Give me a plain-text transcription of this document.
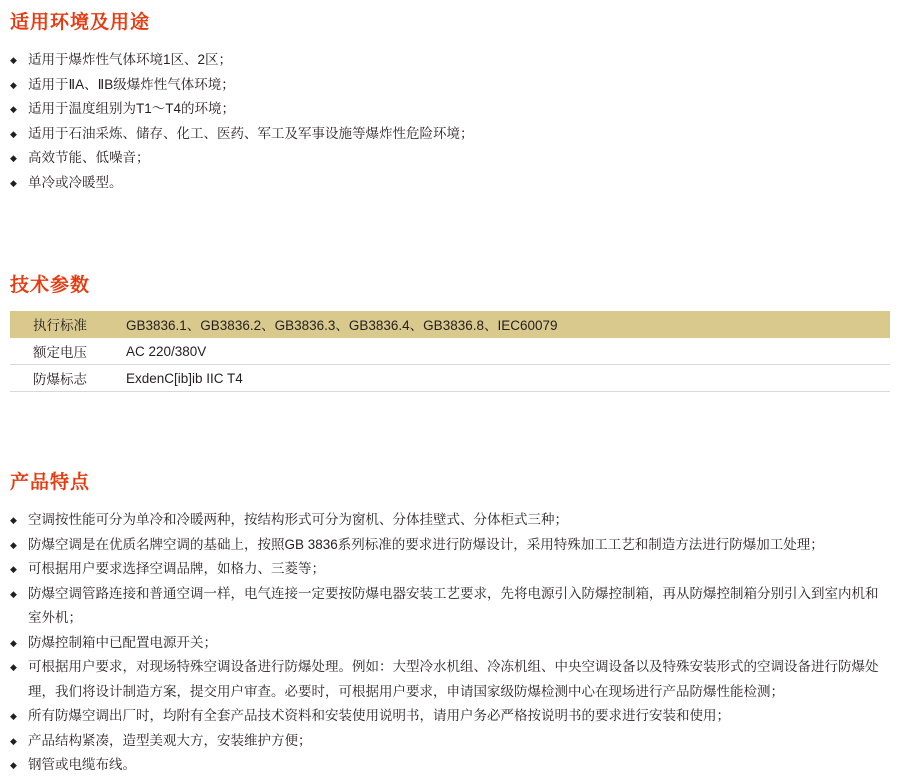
适用环境及用途
◆ 适用于爆炸性气体环境1区、2区；
◆ 适用于ⅡA、ⅡB级爆炸性气体环境；
◆ 适用于温度组别为T1～T4的环境；
◆ 适用于石油采炼、储存、化工、医药、军工及军事设施等爆炸性危险环境；
◆ 高效节能、低噪音；
◆ 单冷或冷暖型。
技术参数
执行标准	GB3836.1、GB3836.2、GB3836.3、GB3836.4、GB3836.8、IEC60079
额定电压	AC 220/380V
防爆标志	ExdenC[ib]ib IIC T4
产品特点
◆ 空调按性能可分为单冷和冷暖两种，按结构形式可分为窗机、分体挂壁式、分体柜式三种；
◆ 防爆空调是在优质名牌空调的基础上，按照GB 3836系列标准的要求进行防爆设计，采用特殊加工工艺和制造方法进行防爆加工处理；
◆ 可根据用户要求选择空调品牌，如格力、三菱等；
◆ 防爆空调管路连接和普通空调一样，电气连接一定要按防爆电器安装工艺要求，先将电源引入防爆控制箱，再从防爆控制箱分别引入到室内机和室外机；
◆ 防爆控制箱中已配置电源开关；
◆ 可根据用户要求，对现场特殊空调设备进行防爆处理。例如：大型冷水机组、冷冻机组、中央空调设备以及特殊安装形式的空调设备进行防爆处理，我们将设计制造方案，提交用户审查。必要时，可根据用户要求，申请国家级防爆检测中心在现场进行产品防爆性能检测；
◆ 所有防爆空调出厂时，均附有全套产品技术资料和安装使用说明书，请用户务必严格按说明书的要求进行安装和使用；
◆ 产品结构紧凑，造型美观大方，安装维护方便；
◆ 钢管或电缆布线。
